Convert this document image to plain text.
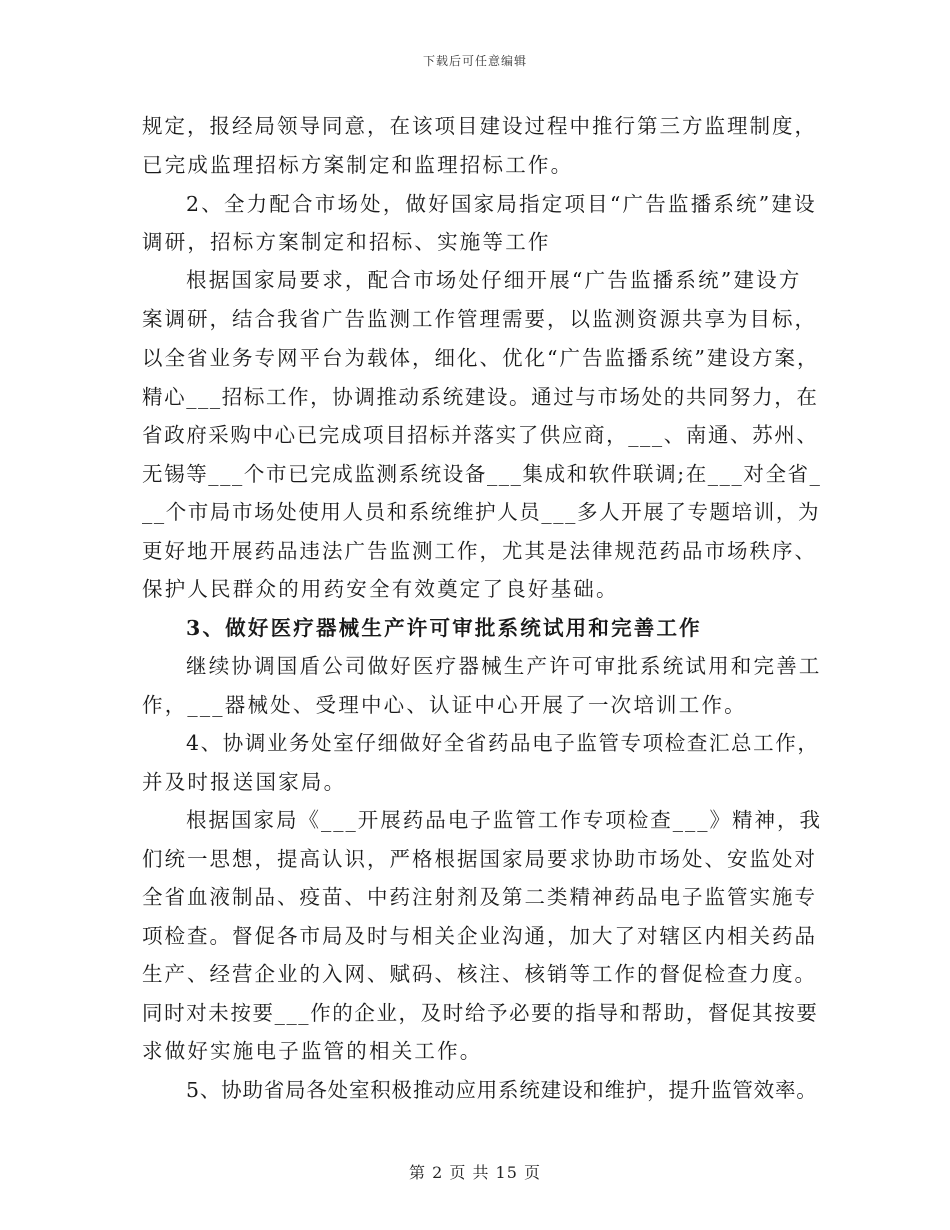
下载后可任意编辑
规定，报经局领导同意，在该项目建设过程中推行第三方监理制度，
已完成监理招标方案制定和监理招标工作。
2、全力配合市场处，做好国家局指定项目“广告监播系统”建设
调研，招标方案制定和招标、实施等工作
根据国家局要求，配合市场处仔细开展“广告监播系统”建设方
案调研，结合我省广告监测工作管理需要，以监测资源共享为目标，
以全省业务专网平台为载体，细化、优化“广告监播系统”建设方案，
精心___招标工作，协调推动系统建设。通过与市场处的共同努力，在
省政府采购中心已完成项目招标并落实了供应商，___、南通、苏州、
无锡等___个市已完成监测系统设备___集成和软件联调;在___对全省_
__个市局市场处使用人员和系统维护人员___多人开展了专题培训，为
更好地开展药品违法广告监测工作，尤其是法律规范药品市场秩序、
保护人民群众的用药安全有效奠定了良好基础。
3、做好医疗器械生产许可审批系统试用和完善工作
继续协调国盾公司做好医疗器械生产许可审批系统试用和完善工
作，___器械处、受理中心、认证中心开展了一次培训工作。
4、协调业务处室仔细做好全省药品电子监管专项检查汇总工作，
并及时报送国家局。
根据国家局《___开展药品电子监管工作专项检查___》精神，我
们统一思想，提高认识，严格根据国家局要求协助市场处、安监处对
全省血液制品、疫苗、中药注射剂及第二类精神药品电子监管实施专
项检查。督促各市局及时与相关企业沟通，加大了对辖区内相关药品
生产、经营企业的入网、赋码、核注、核销等工作的督促检查力度。
同时对未按要___作的企业，及时给予必要的指导和帮助，督促其按要
求做好实施电子监管的相关工作。
5、协助省局各处室积极推动应用系统建设和维护，提升监管效率。
第 2 页 共 15 页
